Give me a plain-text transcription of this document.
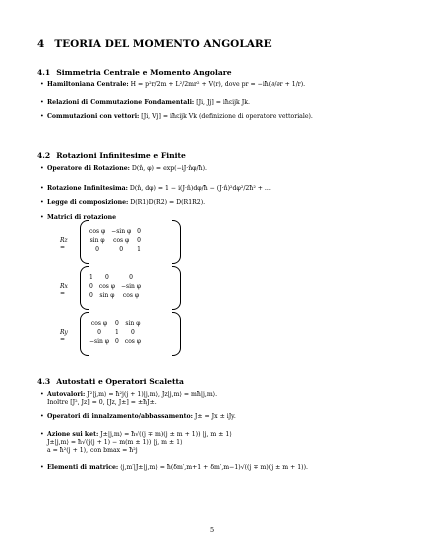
4 TEORIA DEL MOMENTO ANGOLARE
4.1 Simmetria Centrale e Momento Angolare
• Hamiltoniana Centrale: H = p²r/2m + L²/2mr² + V(r), dove pr = −iħ(∂/∂r + 1/r).
• Relazioni di Commutazione Fondamentali: [Ji, Jj] = iħεijk Jk.
• Commutazioni con vettori: [Ji, Vj] = iħεijk Vk (definizione di operatore vettoriale).
4.2 Rotazioni Infinitesime e Finite
• Operatore di Rotazione: D(n̂, φ) = exp(−iJ·n̂φ/ħ).
• Rotazione Infinitesima: D(n̂, dφ) = 1 − i(J·n̂)dφ/ħ − (J·n̂)²dφ²/2ħ² + ...
• Legge di composizione: D(R1)D(R2) = D(R1R2).
• Matrici di rotazione
Rz =
cos φ	−sin φ	0
sin φ	cos φ	0
0	0	1
Rx =
1	0	0
0	cos φ	−sin φ
0	sin φ	cos φ
Ry =
cos φ	0	sin φ
0	1	0
−sin φ	0	cos φ
4.3 Autostati e Operatori Scaletta
• Autovalori: J²|j,m⟩ = ħ²j(j + 1)|j,m⟩, Jz|j,m⟩ = mħ|j,m⟩.
Inoltre [J², Jz] = 0, [Jz, J±] = ±ħJ±.
• Operatori di innalzamento/abbassamento: J± = Jx ± iJy.
• Azione sui ket: J±|j,m⟩ = ħ√((j ∓ m)(j ± m + 1)) |j, m ± 1⟩
J±|j,m⟩ = ħ√(j(j + 1) − m(m ± 1)) |j, m ± 1⟩
a = ħ²(j + 1), con bmax = ħ²j
• Elementi di matrice: ⟨j,m′|J±|j,m⟩ = ħ(δm′,m+1 + δm′,m−1)√((j ∓ m)(j ± m + 1)).
5
